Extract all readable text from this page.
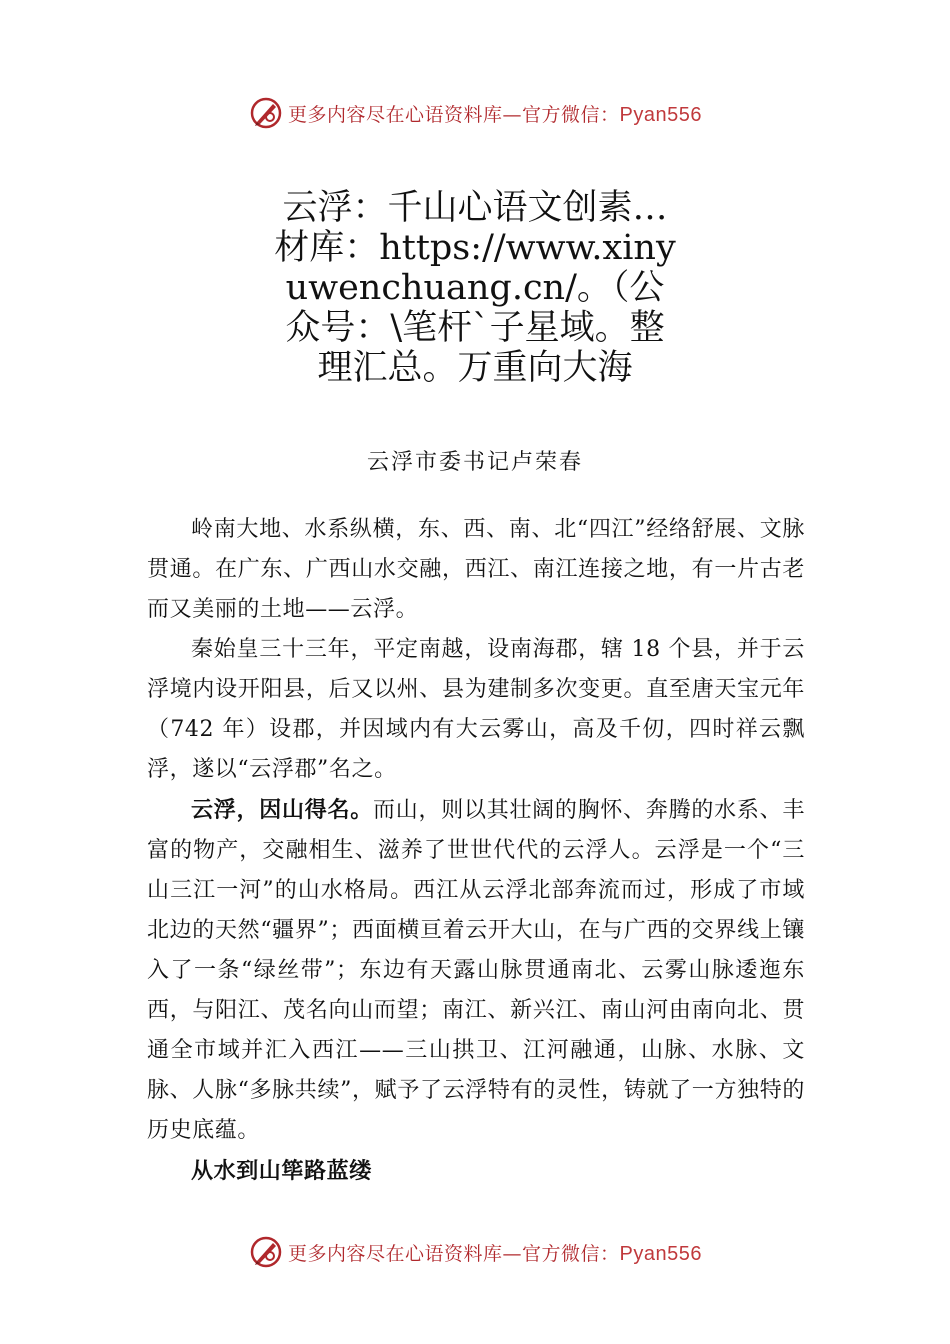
更多内容尽在心语资料库—官方微信：Pyan556
云浮：千山心语文创素…材库：https://www.xinyuwenchuang.cn/。（公众号：\笔杆`子星域。整理汇总。万重向大海
云浮市委书记卢荣春

岭南大地、水系纵横，东、西、南、北“四江”经络舒展、文脉贯通。在广东、广西山水交融，西江、南江连接之地，有一片古老而又美丽的土地——云浮。

秦始皇三十三年，平定南越，设南海郡，辖 18 个县，并于云浮境内设开阳县，后又以州、县为建制多次变更。直至唐天宝元年（742 年）设郡，并因域内有大云雾山，高及千仞，四时祥云飘浮，遂以“云浮郡”名之。

云浮，因山得名。而山，则以其壮阔的胸怀、奔腾的水系、丰富的物产，交融相生、滋养了世世代代的云浮人。云浮是一个“三山三江一河”的山水格局。西江从云浮北部奔流而过，形成了市域北边的天然“疆界”；西面横亘着云开大山，在与广西的交界线上镶入了一条“绿丝带”；东边有天露山脉贯通南北、云雾山脉逶迤东西，与阳江、茂名向山而望；南江、新兴江、南山河由南向北、贯通全市域并汇入西江——三山拱卫、江河融通，山脉、水脉、文脉、人脉“多脉共续”，赋予了云浮特有的灵性，铸就了一方独特的历史底蕴。

从水到山筚路蓝缕

更多内容尽在心语资料库—官方微信：Pyan556
